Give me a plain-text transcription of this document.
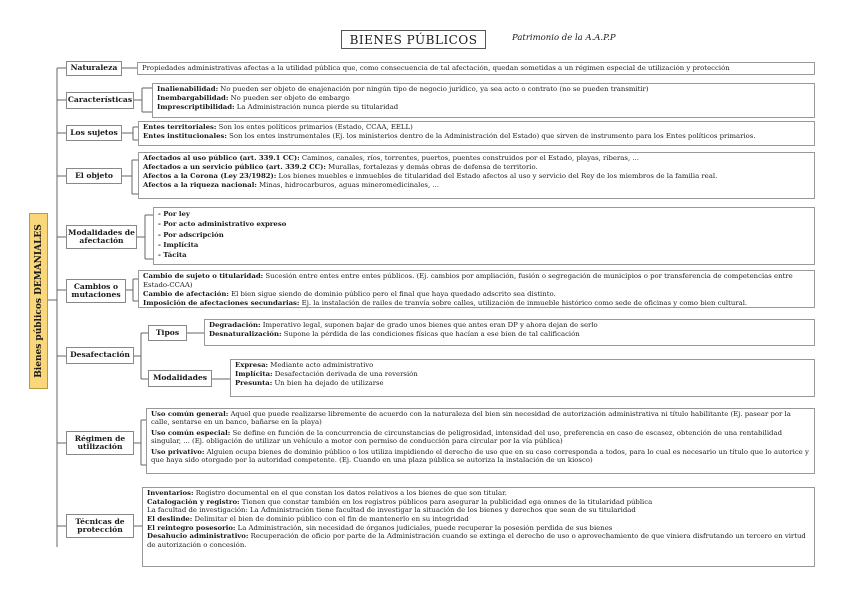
BIENES PÚBLICOS	Patrimonio de la A.A.P.P
Bienes públicos DEMANIALES
Naturaleza	Propiedades administrativas afectas a la utilidad pública que, como consecuencia de tal afectación, quedan sometidas a un régimen especial de utilización y protección
Características
Inalienabilidad: No pueden ser objeto de enajenación por ningún tipo de negocio jurídico, ya sea acto o contrato (no se pueden transmitir)
Inembargabilidad: No pueden ser objeto de embargo
Imprescriptibilidad: La Administración nunca pierde su titularidad
Los sujetos
Entes territoriales: Son los entes políticos primarios (Estado, CCAA, EELL)
Entes institucionales: Son los entes instrumentales (Ej. los ministerios dentro de la Administración del Estado) que sirven de instrumento para los Entes políticos primarios.
El objeto
Afectados al uso público (art. 339.1 CC): Caminos, canales, ríos, torrentes, puertos, puentes construidos por el Estado, playas, riberas, ...
Afectados a un servicio público (art. 339.2 CC): Murallas, fortalezas y demás obras de defensa de territorio.
Afectos a la Corona (Ley 23/1982): Los bienes muebles e inmuebles de titularidad del Estado afectos al uso y servicio del Rey de los miembros de la familia real.
Afectos a la riqueza nacional: Minas, hidrocarburos, aguas mineromedicinales, ...
Modalidades de afectación
- Por ley
- Por acto administrativo expreso
- Por adscripción
- Implícita
- Tácita
Cambios o mutaciones
Cambio de sujeto o titularidad: Sucesión entre entes entre entes públicos. (Ej. cambios por ampliación, fusión o segregación de municipios o por transferencia de competencias entre Estado-CCAA)
Cambio de afectación: El bien sigue siendo de dominio público pero el final que haya quedado adscrito sea distinto.
Imposición de afectaciones secundarias: Ej. la instalación de railes de tranvía sobre calles, utilización de inmueble histórico como sede de oficinas y como bien cultural.
Desafectación
Tipos
Degradación: Imperativo legal, suponen bajar de grado unos bienes que antes eran DP y ahora dejan de serlo
Desnaturalización: Supone la pérdida de las condiciones físicas que hacían a ese bien de tal calificación
Modalidades
Expresa: Mediante acto administrativo
Implícita: Desafectación derivada de una reversión
Presunta: Un bien ha dejado de utilizarse
Régimen de utilización
Uso común general: Aquel que puede realizarse libremente de acuerdo con la naturaleza del bien sin necesidad de autorización administrativa ni título habilitante (Ej. pasear por la calle, sentarse en un banco, bañarse en la playa)
Uso común especial: Se define en función de la concurrencia de circunstancias de peligrosidad, intensidad del uso, preferencia en caso de escasez, obtención de una rentabilidad singular, ... (Ej. obligación de utilizar un vehículo a motor con permiso de conducción para circular por la vía pública)
Uso privativo: Alguien ocupa bienes de dominio público o los utiliza impidiendo el derecho de uso que en su caso corresponda a todos, para lo cual es necesario un título que lo autorice y que haya sido otorgado por la autoridad competente. (Ej. Cuando en una plaza pública se autoriza la instalación de un kiosco)
Técnicas de protección
Inventarios: Registro documental en el que constan los datos relativos a los bienes de que son titular.
Catalogación y registro: Tienen que constar también en los registros públicos para asegurar la publicidad ega omnes de la titularidad pública
La facultad de investigación: La Administración tiene facultad de investigar la situación de los bienes y derechos que sean de su titularidad
El deslinde: Delimitar el bien de dominio público con el fin de mantenerlo en su integridad
El reintegro posesorio: La Administración, sin necesidad de órganos judiciales, puede recuperar la posesión perdida de sus bienes
Desahucio administrativo: Recuperación de oficio por parte de la Administración cuando se extinga el derecho de uso o aprovechamiento de que viniera disfrutando un tercero en virtud de autorización o concesión.
